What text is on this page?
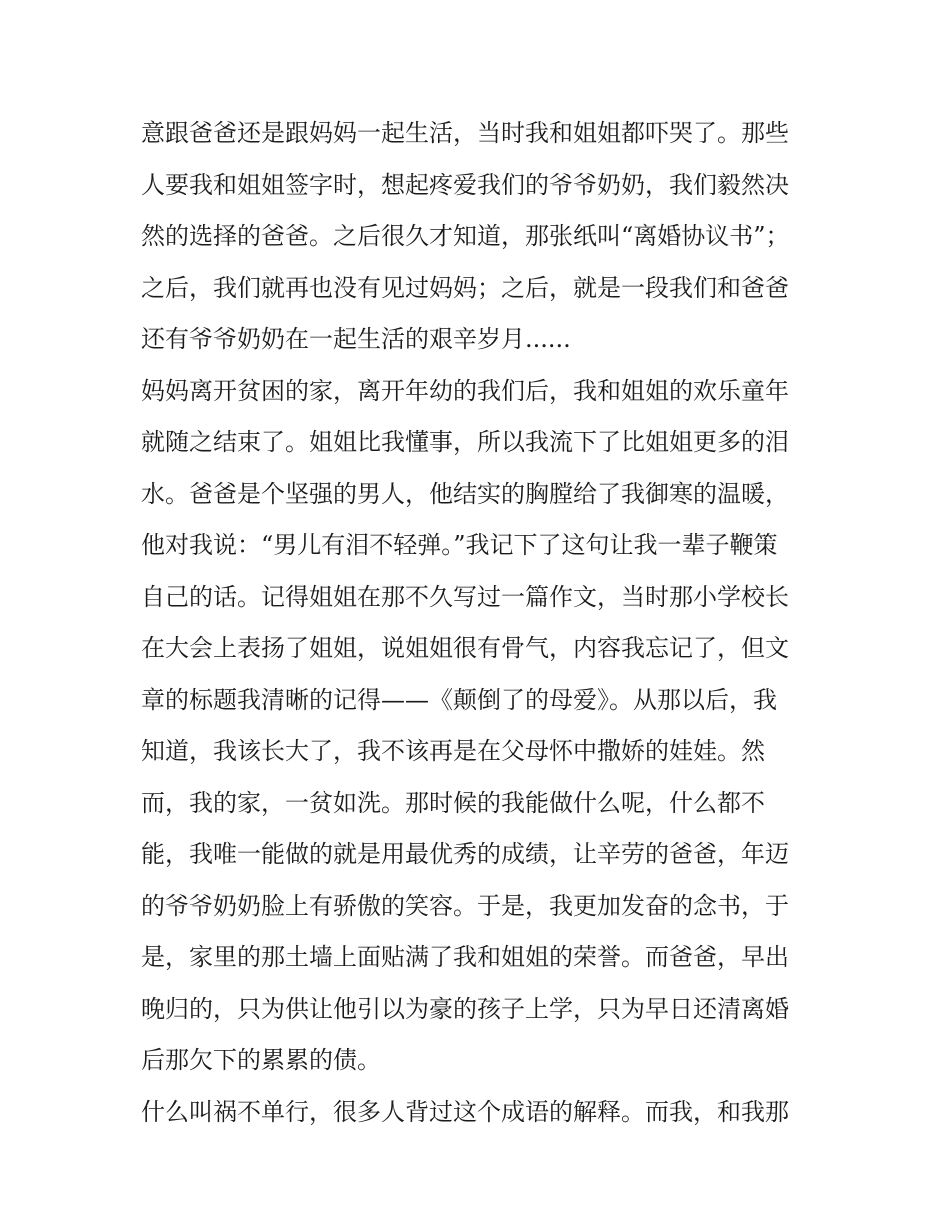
意跟爸爸还是跟妈妈一起生活，当时我和姐姐都吓哭了。那些
人要我和姐姐签字时，想起疼爱我们的爷爷奶奶，我们毅然决
然的选择的爸爸。之后很久才知道，那张纸叫“离婚协议书”；
之后，我们就再也没有见过妈妈；之后，就是一段我们和爸爸
还有爷爷奶奶在一起生活的艰辛岁月......
妈妈离开贫困的家，离开年幼的我们后，我和姐姐的欢乐童年
就随之结束了。姐姐比我懂事，所以我流下了比姐姐更多的泪
水。爸爸是个坚强的男人，他结实的胸膛给了我御寒的温暖，
他对我说：“男儿有泪不轻弹。”我记下了这句让我一辈子鞭策
自己的话。记得姐姐在那不久写过一篇作文，当时那小学校长
在大会上表扬了姐姐，说姐姐很有骨气，内容我忘记了，但文
章的标题我清晰的记得——《颠倒了的母爱》。从那以后，我
知道，我该长大了，我不该再是在父母怀中撒娇的娃娃。然
而，我的家，一贫如洗。那时候的我能做什么呢，什么都不
能，我唯一能做的就是用最优秀的成绩，让辛劳的爸爸，年迈
的爷爷奶奶脸上有骄傲的笑容。于是，我更加发奋的念书，于
是，家里的那土墙上面贴满了我和姐姐的荣誉。而爸爸，早出
晚归的，只为供让他引以为豪的孩子上学，只为早日还清离婚
后那欠下的累累的债。
什么叫祸不单行，很多人背过这个成语的解释。而我，和我那
